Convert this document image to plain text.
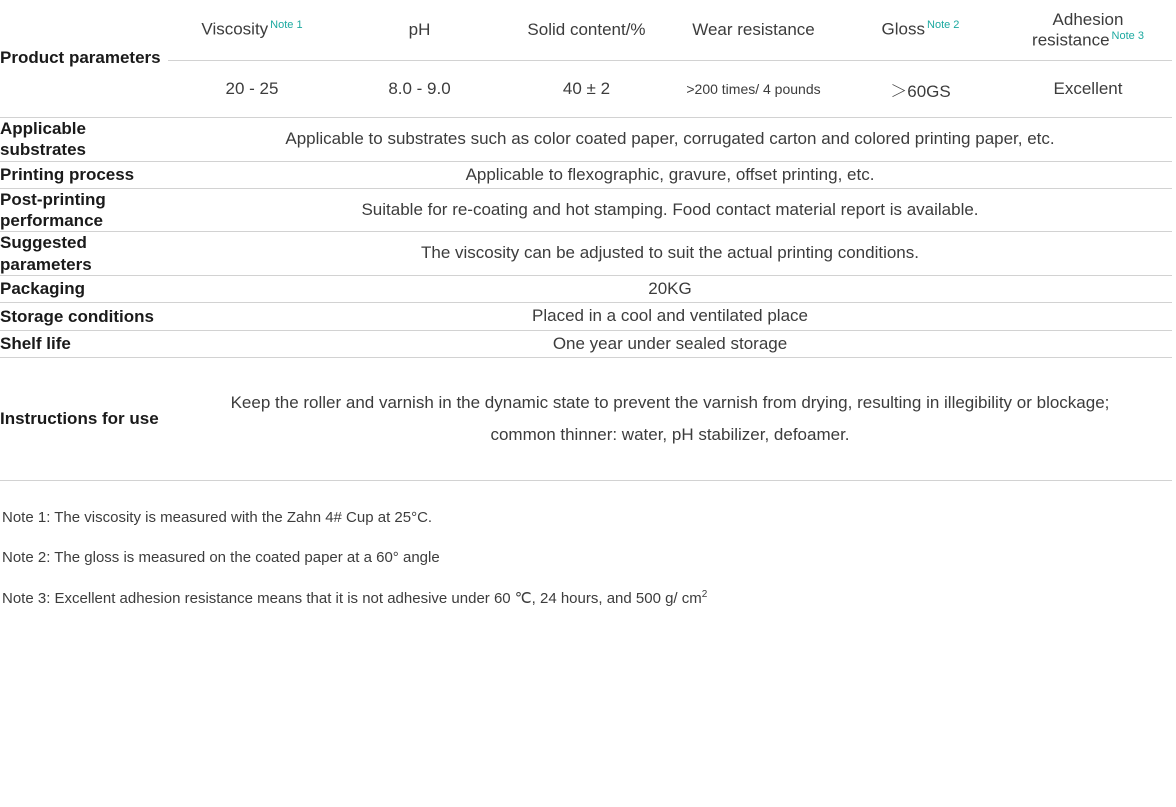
Product parameters	Viscosity $^{Note 1}$	pH	Solid content/%	Wear resistance	Gloss $^{Note 2}$	Adhesion resistance $^{Note 3}$
	20 - 25	8.0 - 9.0	40 ± 2	>200 times/ 4 pounds	＞60GS	Excellent
Applicable substrates	Applicable to substrates such as color coated paper, corrugated carton and colored printing paper, etc.					
Printing process	Applicable to flexographic, gravure, offset printing, etc.					
Post-printing performance	Suitable for re-coating and hot stamping. Food contact material report is available.					
Suggested parameters	The viscosity can be adjusted to suit the actual printing conditions.					
Packaging	20KG					
Storage conditions	Placed in a cool and ventilated place					
Shelf life	One year under sealed storage					
Instructions for use	Keep the roller and varnish in the dynamic state to prevent the varnish from drying, resulting in illegibility or blockage; common thinner: water, pH stabilizer, defoamer.					
Note 1: The viscosity is measured with the Zahn 4# Cup at 25°C.
Note 2: The gloss is measured on the coated paper at a 60° angle
Note 3: Excellent adhesion resistance means that it is not adhesive under 60 ℃, 24 hours, and 500 g/ $cm^2$
